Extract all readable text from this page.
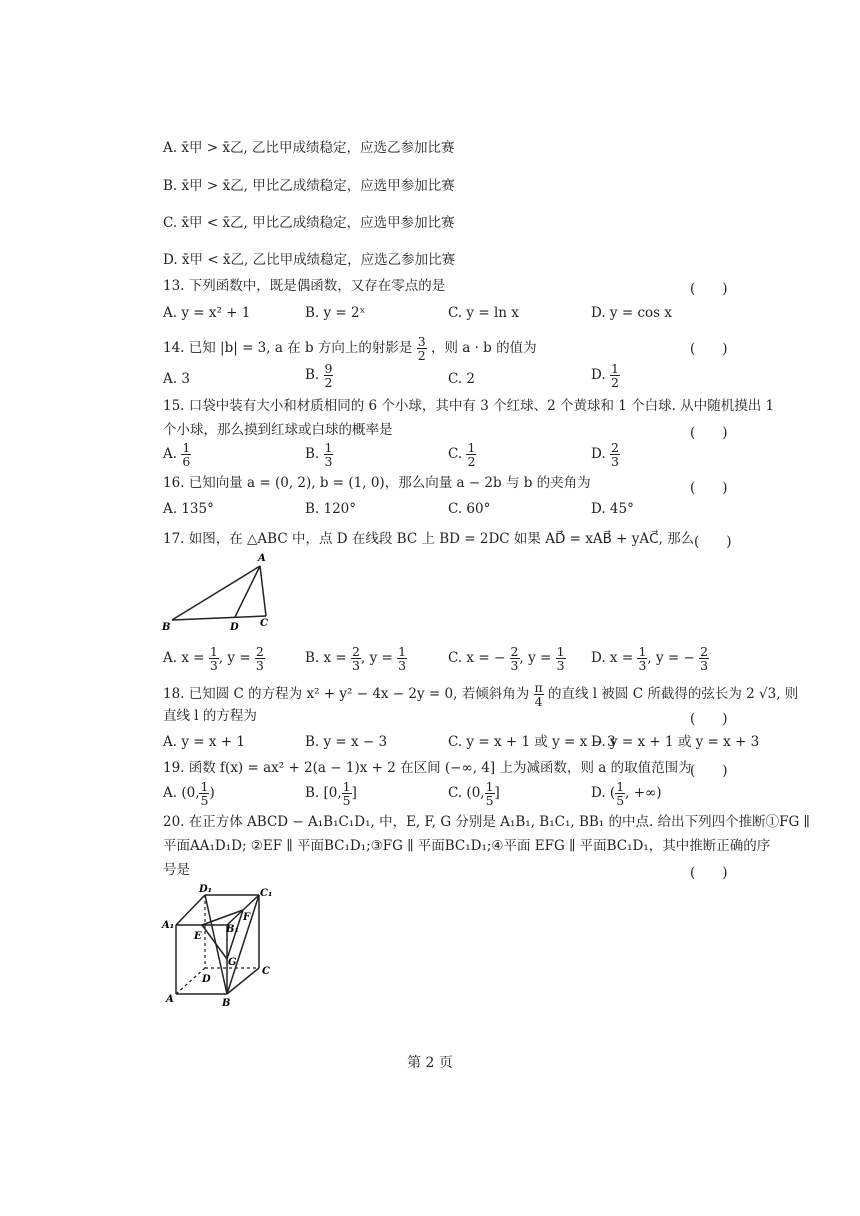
A. x̄甲 > x̄乙, 乙比甲成绩稳定，应选乙参加比赛
B. x̄甲 > x̄乙, 甲比乙成绩稳定，应选甲参加比赛
C. x̄甲 < x̄乙, 甲比乙成绩稳定，应选甲参加比赛
D. x̄甲 < x̄乙, 乙比甲成绩稳定，应选乙参加比赛
13. 下列函数中，既是偶函数，又存在零点的是	(　　)
A. y = x² + 1	B. y = 2ˣ	C. y = ln x	D. y = cos x
14. 已知 |b| = 3, a 在 b 方向上的射影是 $\frac{3}{2}$ ，则 a · b 的值为	(　　)
A. 3	B. $\frac{9}{2}$	C. 2	D. $\frac{1}{2}$
15. 口袋中装有大小和材质相同的 6 个小球，其中有 3 个红球、2 个黄球和 1 个白球. 从中随机摸出 1
个小球，那么摸到红球或白球的概率是	(　　)
A. $\frac{1}{6}$	B. $\frac{1}{3}$	C. $\frac{1}{2}$	D. $\frac{2}{3}$
16. 已知向量 a = (0, 2), b = (1, 0)，那么向量 a − 2b 与 b 的夹角为	(　　)
A. 135°	B. 120°	C. 60°	D. 45°
17. 如图，在 △ABC 中，点 D 在线段 BC 上 BD = 2DC 如果 AD⃗ = xAB⃗ + yAC⃗, 那么 (　　)
A
B	D C
A. $x = \frac{1}{3}$ , $y = \frac{2}{3}$	B. $x = \frac{2}{3}$ , $y = \frac{1}{3}$	C. x = − $\frac{2}{3}$ , $y = \frac{1}{3} D$. $x = \frac{1}{3}$ , y = − $\frac{2}{3}$
18. 已知圆 C 的方程为 x² + y² − 4x − 2y = 0, 若倾斜角为 $\frac{\pi}{4}$ 的直线 l 被圆 C 所截得的弦长为 2 √3, 则
直线 l 的方程为	(　　)
A. y = x + 1	B. y = x − 3	C. y = x + 1 或 y = x − 3
D. y = x + 1 或 y = x + 3
19. 函数 f(x) = ax² + 2(a − 1)x + 2 在区间 (−∞, 4] 上为减函数，则 a 的取值范围为
(　　)
A. (0, $\frac{1}{5}$ )	B. [0, $\frac{1}{5}$ ]	C. (0, $\frac{1}{5}$ ]	D. ( $\frac{1}{5}$ , +∞)
20. 在正方体 ABCD − A₁B₁C₁D₁, 中，E, F, G 分别是 A₁B₁, B₁C₁, BB₁ 的中点. 给出下列四个推断①FG ∥
平面AA₁D₁D; ②EF ∥ 平面BC₁D₁;③FG ∥ 平面BC₁D₁;④平面 EFG ∥ 平面BC₁D₁，其中推断正确的序
号是	(　　)
D₁	C₁
A₁	B₁
E
F
G
D
C
A	B
第 2 页
